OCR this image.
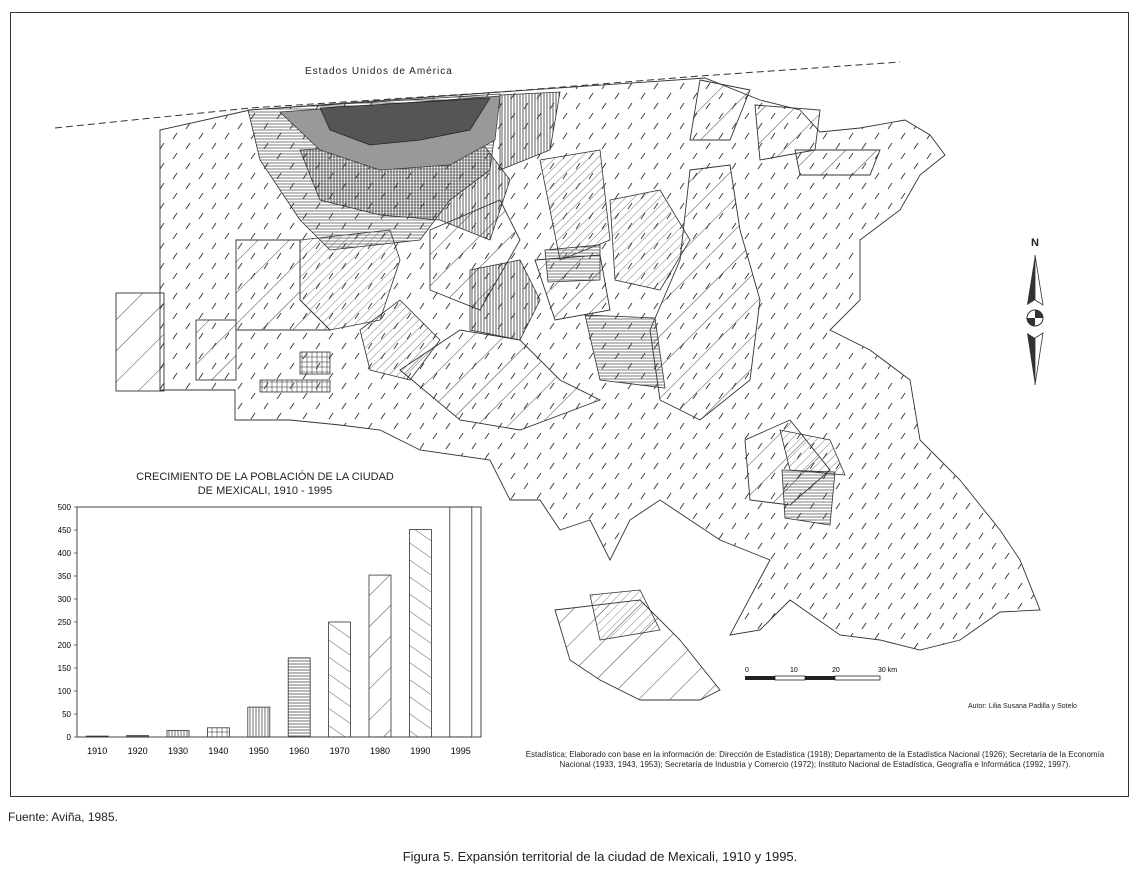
0	10	20	30 km
0
50
100
150
200
250
300
350
400
450
500
1910 1920 1930 1940 1950 1960 1970 1980 1990 1995
Estados Unidos de América
CRECIMIENTO DE LA POBLACIÓN DE LA CIUDAD DE MEXICALI, 1910 - 1995
N
Autor: Lilia Susana Padilla y Sotelo
Estadística; Elaborado con base en la información de: Dirección de Estadística (1918); Departamento de la Estadística Nacional (1926); Secretaría de la Economía Nacional (1933, 1943, 1953); Secretaría de Industria y Comercio (1972); Instituto Nacional de Estadística, Geografía e Informática (1992, 1997).
Fuente: Aviña, 1985.
Figura 5. Expansión territorial de la ciudad de Mexicali, 1910 y 1995.
